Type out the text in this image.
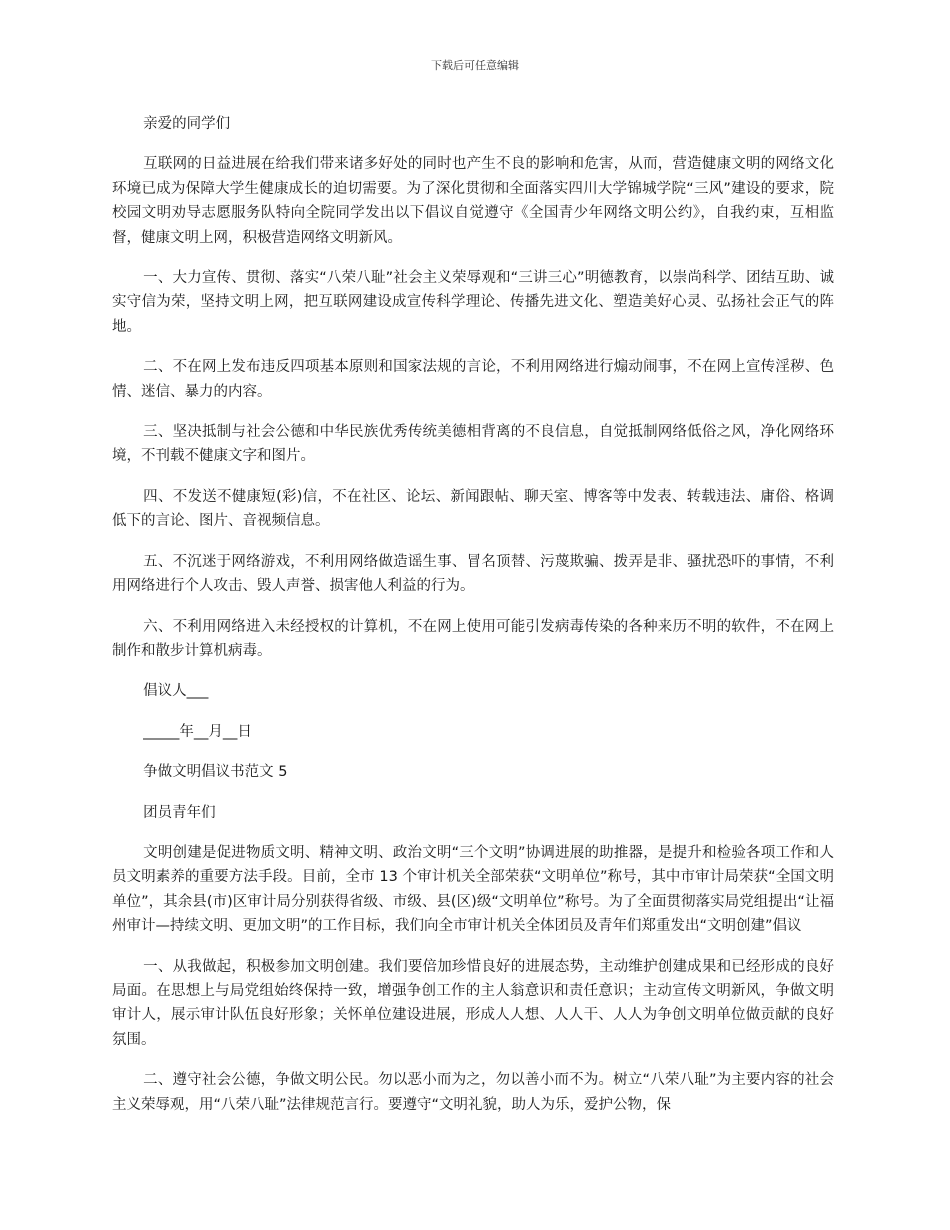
下载后可任意编辑

亲爱的同学们

互联网的日益进展在给我们带来诸多好处的同时也产生不良的影响和危害，从而，营造健康文明的网络文化环境已成为保障大学生健康成长的迫切需要。为了深化贯彻和全面落实四川大学锦城学院“三风”建设的要求，院校园文明劝导志愿服务队特向全院同学发出以下倡议自觉遵守《全国青少年网络文明公约》，自我约束，互相监督，健康文明上网，积极营造网络文明新风。

一、大力宣传、贯彻、落实“八荣八耻”社会主义荣辱观和“三讲三心”明德教育，以崇尚科学、团结互助、诚实守信为荣，坚持文明上网，把互联网建设成宣传科学理论、传播先进文化、塑造美好心灵、弘扬社会正气的阵地。

二、不在网上发布违反四项基本原则和国家法规的言论，不利用网络进行煽动闹事，不在网上宣传淫秽、色情、迷信、暴力的内容。

三、坚决抵制与社会公德和中华民族优秀传统美德相背离的不良信息，自觉抵制网络低俗之风，净化网络环境，不刊载不健康文字和图片。

四、不发送不健康短(彩)信，不在社区、论坛、新闻跟帖、聊天室、博客等中发表、转载违法、庸俗、格调低下的言论、图片、音视频信息。

五、不沉迷于网络游戏，不利用网络做造谣生事、冒名顶替、污蔑欺骗、拨弄是非、骚扰恐吓的事情，不利用网络进行个人攻击、毁人声誉、损害他人利益的行为。

六、不利用网络进入未经授权的计算机，不在网上使用可能引发病毒传染的各种来历不明的软件，不在网上制作和散步计算机病毒。

倡议人___

_____年__月__日

争做文明倡议书范文 5

团员青年们

文明创建是促进物质文明、精神文明、政治文明“三个文明”协调进展的助推器，是提升和检验各项工作和人员文明素养的重要方法手段。目前，全市 13 个审计机关全部荣获“文明单位”称号，其中市审计局荣获“全国文明单位”，其余县(市)区审计局分别获得省级、市级、县(区)级“文明单位”称号。为了全面贯彻落实局党组提出“让福州审计—持续文明、更加文明”的工作目标，我们向全市审计机关全体团员及青年们郑重发出“文明创建”倡议

一、从我做起，积极参加文明创建。我们要倍加珍惜良好的进展态势，主动维护创建成果和已经形成的良好局面。在思想上与局党组始终保持一致，增强争创工作的主人翁意识和责任意识；主动宣传文明新风，争做文明审计人，展示审计队伍良好形象；关怀单位建设进展，形成人人想、人人干、人人为争创文明单位做贡献的良好氛围。

二、遵守社会公德，争做文明公民。勿以恶小而为之，勿以善小而不为。树立“八荣八耻”为主要内容的社会主义荣辱观，用“八荣八耻”法律规范言行。要遵守“文明礼貌，助人为乐，爱护公物，保
